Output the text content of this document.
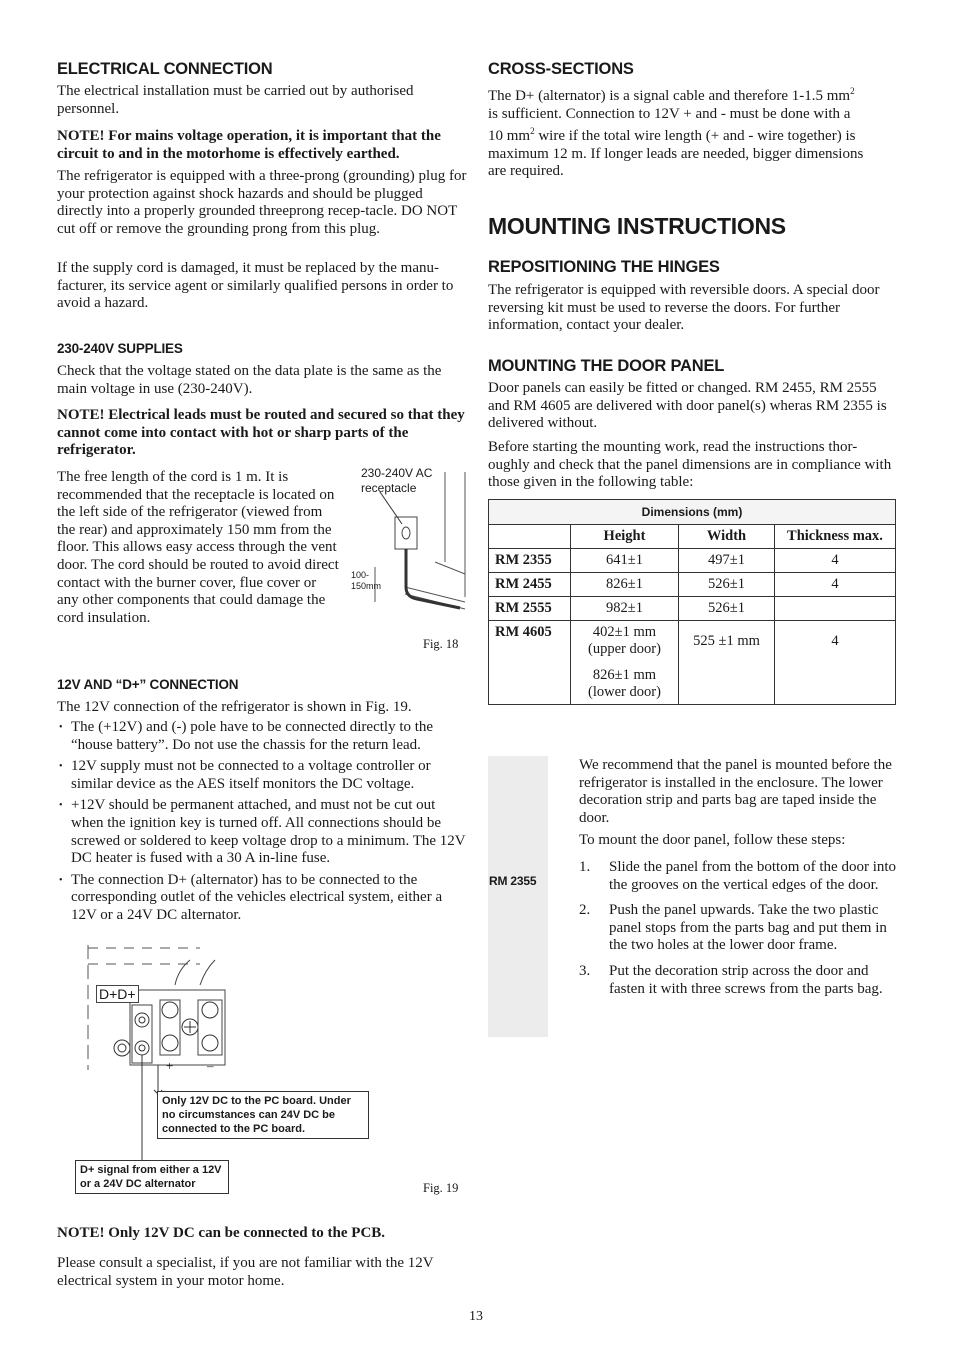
ELECTRICAL CONNECTION

The electrical installation must be carried out by authorised personnel.

NOTE! For mains voltage operation, it is important that the circuit to and in the motorhome is effectively earthed.

The refrigerator is equipped with a three-prong (grounding) plug for your protection against shock hazards and should be plugged directly into a properly grounded threeprong recep-tacle. DO NOT cut off or remove the grounding prong from this plug.

If the supply cord is damaged, it must be replaced by the manu-facturer, its service agent or similarly qualified persons in order to avoid a hazard.

230-240V SUPPLIES

Check that the voltage stated on the data plate is the same as the main voltage in use (230-240V).

NOTE! Electrical leads must be routed and secured so that they cannot come into contact with hot or sharp parts of the refrigerator.

The free length of the cord is 1 m. It is recommended that the receptacle is located on the left side of the refrigerator (viewed from the rear) and approximately 150 mm from the floor. This allows easy access through the vent door. The cord should be routed to avoid direct contact with the burner cover, flue cover or any other components that could damage the cord insulation.

230-240V AC
receptacle
100-
150mm
Fig. 18
12V AND “D+” CONNECTION

The 12V connection of the refrigerator is shown in Fig. 19.

• The (+12V) and (-) pole have to be connected directly to the “house battery”. Do not use the chassis for the return lead.
• 12V supply must not be connected to a voltage controller or similar device as the AES itself monitors the DC voltage.
• +12V should be permanent attached, and must not be cut out when the ignition key is turned off. All connections should be screwed or soldered to keep voltage drop to a minimum. The 12V DC heater is fused with a 30 A in-line fuse.
• The connection D+ (alternator) has to be connected to the corresponding outlet of the vehicles electrical system, either a 12V or a 24V DC alternator.
D+D+
+	–
Only 12V DC to the PC board. Under no circumstances can 24V DC be connected to the PC board.
D+ signal from either a 12V or a 24V DC alternator	Fig. 19

NOTE! Only 12V DC can be connected to the PCB.

Please consult a specialist, if you are not familiar with the 12V electrical system in your motor home.

CROSS-SECTIONS
The D+ (alternator) is a signal cable and therefore 1-1.5 $mm^2$
is sufficient. Connection to 12V + and - must be done with a
10 $mm^2$ wire if the total wire length (+ and - wire together) is
maximum 12 m. If longer leads are needed, bigger dimensions
are required.
MOUNTING INSTRUCTIONS
REPOSITIONING THE HINGES

The refrigerator is equipped with reversible doors. A special door reversing kit must be used to reverse the doors. For further information, contact your dealer.

MOUNTING THE DOOR PANEL

Door panels can easily be fitted or changed. RM 2455, RM 2555 and RM 4605 are delivered with door panel(s) wheras RM 2355 is delivered without.

Before starting the mounting work, read the instructions thor-oughly and check that the panel dimensions are in compliance with those given in the following table:

Dimensions (mm)			
	Height	Width	Thickness max.
RM 2355	641±1	497±1	4
RM 2455	826±1	526±1	4
RM 2555	982±1	526±1	
RM 4605	402±1 mm
(upper door)
826±1 mm
(lower door)	525 ±1 mm	4
RM 2355

We recommend that the panel is mounted before the refrigerator is installed in the enclosure. The lower decoration strip and parts bag are taped inside the door.

To mount the door panel, follow these steps:

1. Slide the panel from the bottom of the door into the grooves on the vertical edges of the door.
2. Push the panel upwards. Take the two plastic panel stops from the parts bag and put them in the two holes at the lower door frame.
3. Put the decoration strip across the door and fasten it with three screws from the parts bag.
13
